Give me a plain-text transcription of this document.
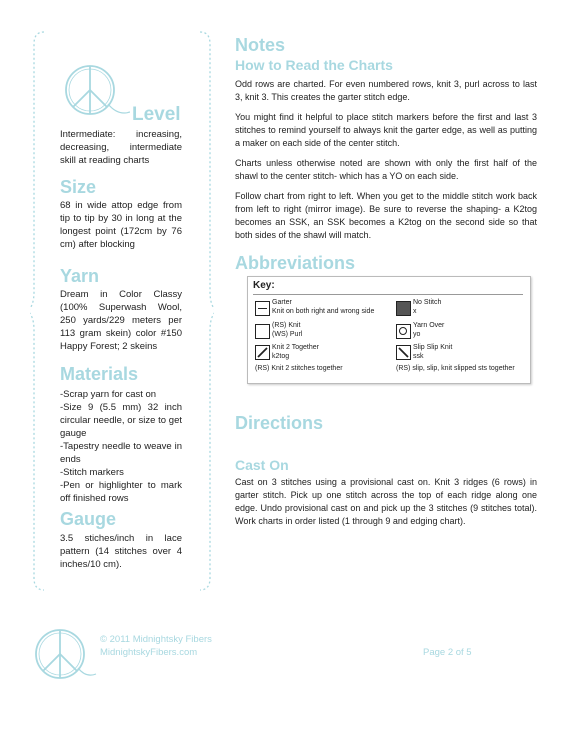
Level
Intermediate: increasing, decreasing, intermediate skill at reading charts
Size
68 in wide attop edge from tip to tip by 30 in long at the longest point (172cm by 76 cm) after blocking
Yarn
Dream in Color Classy (100% Superwash Wool, 250 yards/229 meters per 113 gram skein) color #150 Happy Forest; 2 skeins
Materials

-Scrap yarn for cast on

-Size 9 (5.5 mm) 32 inch circular needle, or size to get gauge

-Tapestry needle to weave in ends

-Stitch markers

-Pen or highlighter to mark off finished rows

Gauge
3.5 stiches/inch in lace pattern (14 stitches over 4 inches/10 cm).
Notes
How to Read the Charts

Odd rows are charted. For even numbered rows, knit 3, purl across to last 3, knit 3. This creates the garter stitch edge.

You might find it helpful to place stitch markers before the first and last 3 stitches to remind yourself to always knit the garter edge, as well as putting a maker on each side of the center stitch.

Charts unless otherwise noted are shown with only the first half of the shawl to the center stitch- which has a YO on each side.

Follow chart from right to left. When you get to the middle stitch work back from left to right (mirror image). Be sure to reverse the shaping- a K2tog becomes an SSK, an SSK becomes a K2tog on the second side so that both sides of the shawl will match.

Abbreviations
Key:
Garter
Knit on both right and wrong side
No Stitch
x
(RS) Knit
(WS) Purl
Yarn Over
yo
Knit 2 Together
k2tog
(RS) Knit 2 stitches together
Slip Slip Knit
ssk
(RS) slip, slip, knit slipped sts together
Directions
Cast On

Cast on 3 stitches using a provisional cast on. Knit 3 ridges (6 rows) in garter stitch. Pick up one stitch across the top of each ridge along one edge. Undo provisional cast on and pick up the 3 stitches (9 stitches total). Work charts in order listed (1 through 9 and edging chart).

© 2011 Midnightsky Fibers
MidnightskyFibers.com	Page 2 of 5
